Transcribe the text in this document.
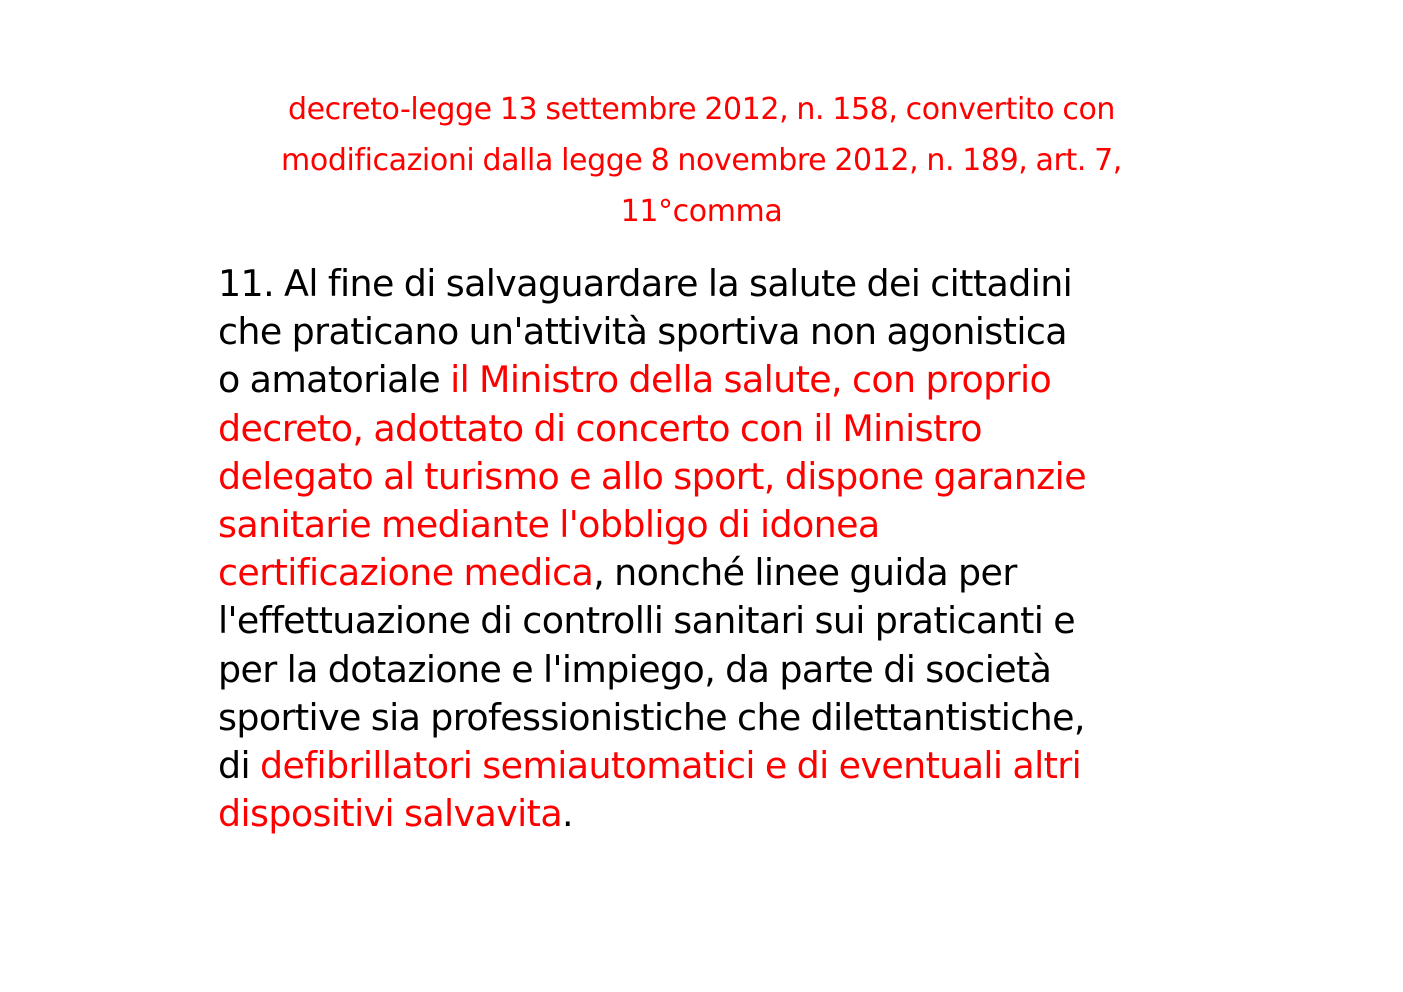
decreto-legge 13 settembre 2012, n. 158, convertito con
modificazioni dalla legge 8 novembre 2012, n. 189, art. 7,
11°comma

11. Al fine di salvaguardare la salute dei cittadini
che praticano un'attività sportiva non agonistica
o amatoriale il Ministro della salute, con proprio
decreto, adottato di concerto con il Ministro
delegato al turismo e allo sport, dispone garanzie
sanitarie mediante l'obbligo di idonea
certificazione medica, nonché linee guida per
l'effettuazione di controlli sanitari sui praticanti e
per la dotazione e l'impiego, da parte di società
sportive sia professionistiche che dilettantistiche,
di defibrillatori semiautomatici e di eventuali altri
dispositivi salvavita.
